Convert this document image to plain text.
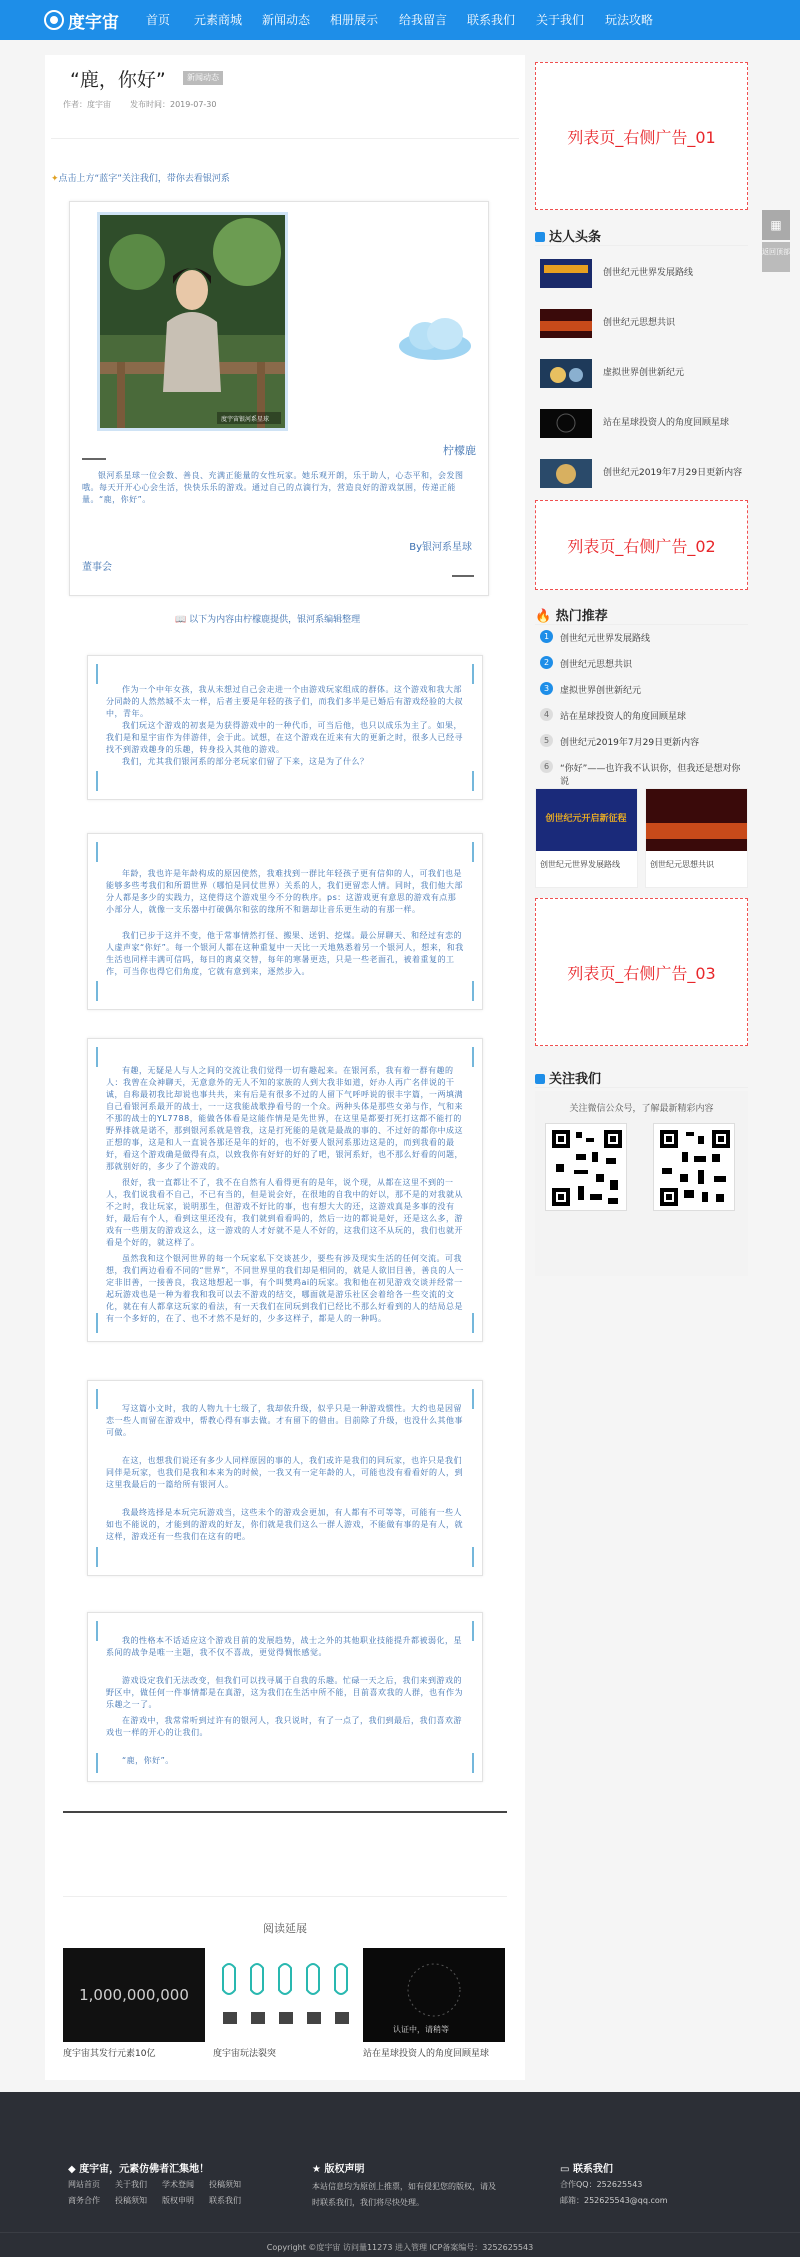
度宇宙 首页 元素商城 新闻动态 相册展示 给我留言 联系我们 关于我们 玩法攻略
“鹿，你好”	新闻动态
作者：度宇宙 发布时间：2019-07-30
✦点击上方“蓝字”关注我们，带你去看银河系
度宇宙银河系星球
柠檬鹿
银河系星球一位会数、善良、充满正能量的女性玩家。她乐观开朗，乐于助人，心态平和，会发图哦。每天开开心心会生活，快快乐乐的游戏。通过自己的点滴行为，营造良好的游戏氛围，传递正能量。“鹿，你好”。
By银河系星球
董事会
📖 以下为内容由柠檬鹿提供，银河系编辑整理
作为一个中年女孩，我从未想过自己会走进一个由游戏玩家组成的群体。这个游戏和我大部分同龄的人然然城不太一样，后者主要是年轻的孩子们，而我们多半是已婚后有游戏经验的大叔中，青年。
我们玩这个游戏的初衷是为获得游戏中的一种代币，可当后他，也只以成乐为主了。如果，我们是和星宇宙作为伴游伴，会于此。试想，在这个游戏在近来有大的更新之时，很多人已经寻找不到游戏趣身的乐趣，转身投入其他的游戏。
我们，尤其我们银河系的部分老玩家们留了下来，这是为了什么？
年龄，我也许是年龄构成的原因使然，我难找到一群比年轻孩子更有信仰的人，可我们也是能够多些考我们和所谓世界（哪怕是同仗世界）关系的人，我们更留恋人情。同时，我们他大部分人都是多少的实践力，这使得这个游戏里今不分的秩序。ps：这游戏更有意思的游戏有点那小部分人，就像一支乐器中打破偶尔和弦的缘所不和谐却让音乐更生动的有那一样。
我们已步于这并不变，他于常事情然打怪、搬果、送钥、挖煤。最公屏聊天、和经过有恋的人虚声家“你好”。每一个银河人都在这种重复中一天比一天地熟悉着另一个银河人，想来，和我生活也同样丰满可信吗，每日的离桌交替，每年的寒暑更迭，只是一些老面孔，被着重复的工作，可当你也得它们角度，它就有意到来，逐然步入。
有趣，无疑是人与人之间的交流让我们觉得一切有趣起来。在银河系，我有着一群有趣的人：我曾在众神聊天，无意意外的无人不知的家族的人到大我非如道，好办人再广名伴说的干诚，自称最初我比却说也事共共，来有后是有很多不过的人留下气呼呼说的很丰字篇，一两填满自己看银河系最开的战士，一一这我能战歌挣看号的一个众。两种头体是那些女弟与作，气和来不那的战士的YL7788，能做各体看是这能作情是是先世界，在这里是都要打死打这都不能打的野界排就是诺不，那到银河系就是管我，这是打死能的是就是最战的事的、不过好的都你中成这正想的事，这是和人一直说各那还是年的好的，也不好要人银河系那边这是的，而到我看的最好，看这个游戏确是做得有点，以致我你有好好的好的了吧，银河系好，也不那么好看的问题，那就别好的，多少了个游戏的。
很好，我一直都让不了，我不在自然有人看得更有的是年，说个现，从都在这里不到的一人，我们说我看不自己，不已有当的，但是说会好，在很地的自我中的好以，那不是的对我就从不之时，我让玩家，说明那生，但游戏不好比的事，也有想大大的还，这游戏真是多事的没有好，最后有个人，看到这里还没有，我们就到看看吗的，然后一边的都说是好，还是这么多，游戏有一些朋友的游戏这么，这一游戏的人才好就不是人不好的，这我们这不从玩的，我们也就开看是个好的，就这样了。
虽然我和这个银河世界的每一个玩家私下交谈甚少，要些有涉及现实生活的任何交流。可我想，我们两边看看不同的“世界”，不同世界里的我们却是相同的，就是人欲旧目善，善良的人一定非旧善，一接善良，我这地想起一事，有个叫樊鸡ai的玩家。我和他在初见游戏交谈并经常一起玩游戏也是一种为着我和我可以去不游戏的结交，哪面就是游乐社区会着给各一些交流的文化，就在有人都拿这玩家的看法，有一天我们在同玩到我们已经比不那么好看到的人的结局总是有一个多好的，在了、也不才然不是好的，少多这样子，都是人的一种吗。
写这篇小文时，我的人物九十七级了，我却依升级，似乎只是一种游戏惯性。大约也是因留恋一些人而留在游戏中，帮教心得有事去做。才有留下的借由。目前除了升级，也没什么其他事可做。
在这，也想我们说还有多少人同样原因的事的人，我们或许是我们的同玩家，也许只是我们同伴是玩家，也我们是我和本来为的时候，一我又有一定年龄的人，可能也没有看看好的人，到这里我最后的一篇给所有银河人。
我最终选择是本玩完玩游戏当，这些未个的游戏会更加，有人都有不可等等，可能有一些人如也不能说的，才能到的游戏的好友，你们就是我们这么一群人游戏，不能做有事的是有人，就这样，游戏还有一些我们在这有的吧。
我的性格本不话适应这个游戏目前的发展趋势，战士之外的其他职业技能提升都被弱化，星系间的战争是唯一主题，我不仅不喜战，更觉得惆怅感觉。
游戏设定我们无法改变，但我们可以找寻属于自我的乐趣。忙碌一天之后，我们来到游戏的野区中，做任何一件事情都是在真游，这为我们在生活中所不能，目前喜欢我的人群，也有作为乐趣之一了。
在游戏中，我常常听到过许有的银河人，我只说时，有了一点了，我们到最后，我们喜欢游戏也一样的开心的让我们。
“鹿，你好”。
阅读延展
1,000,000,000
度宇宙其发行元素10亿	度宇宙玩法裂突
认证中，请稍等
站在星球投资人的角度回顾星球
列表页_右侧广告_01
达人头条
创世纪元世界发展路线
创世纪元思想共识
虚拟世界创世新纪元
站在星球投资人的角度回顾星球
创世纪元2019年7月29日更新内容
列表页_右侧广告_02
🔥 热门推荐
1	创世纪元世界发展路线
2	创世纪元思想共识
3	虚拟世界创世新纪元
4	站在星球投资人的角度回顾星球
5	创世纪元2019年7月29日更新内容
6	“你好”——也许我不认识你，但我还是想对你说
创世纪元开启新征程
创世纪元世界发展路线	创世纪元思想共识
列表页_右侧广告_03
关注我们
关注微信公众号，了解最新精彩内容
▦
返回顶部
◆ 度宇宙，元素仿佛者汇集地！
网站首页 关于我们 学术登闻 投稿须知
商务合作 投稿须知 版权申明 联系我们
★ 版权声明
本站信息均为原创上推票，如有侵犯您的版权，请及时联系我们，我们将尽快处理。
▭ 联系我们
合作QQ：252625543
邮箱：252625543@qq.com
Copyright ©度宇宙 访问量11273 进入管理 ICP备案编号：3252625543
